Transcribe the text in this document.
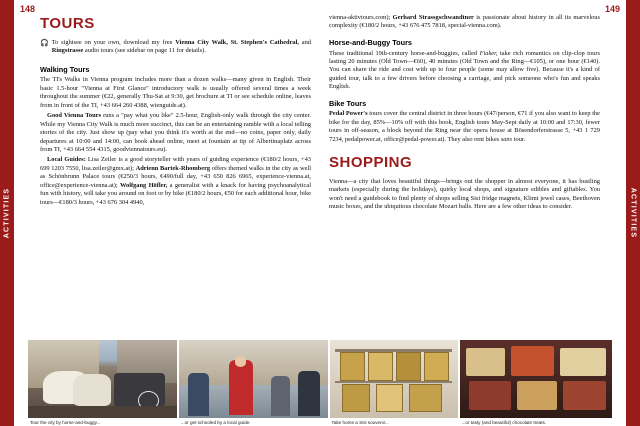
ACTIVITIES
148	149
TOURS
🎧 To sightsee on your own, download my free Vienna City Walk, St. Stephen's Cathedral, and Ringstrasse audio tours (see sidebar on page 11 for details).

Walking Tours

The TI's Walks in Vienna program includes more than a dozen walks—many given in English. Their basic 1.5-hour "Vienna at First Glance" introductory walk is usually offered several times a week throughout the summer (€22, generally Thu-Sat at 9:30, get brochure at TI or see schedule online, leaves from in front of the TI, +43 664 260 4388, wienguide.at).

Good Vienna Tours runs a "pay what you like" 2.5-hour, English-only walk through the city center. While my Vienna City Walk is much more succinct, this can be an entertaining ramble with a local telling stories of the city. Just show up (pay what you think it's worth at the end—no coins, paper only, daily departures at 10:00 and 14:00, can book ahead online, meet at fountain at tip of Albertinaplatz across from TI, +43 664 554 4315, goodviennatours.eu).

Local Guides: Lisa Zeiler is a good storyteller with years of guiding experience (€180/2 hours, +43 699 1203 7550, lisa.zeiler@gmx.at); Adrienn Bartek-Rhomberg offers themed walks in the city as well as Schönbrunn Palace tours (€250/3 hours, €490/full day, +43 650 826 6965, experience-vienna.at, office@experience-vienna.at); Wolfgang Höfler, a generalist with a knack for having psychoanalytical fun with history, will take you around on foot or by bike (€180/2 hours, €50 for each additional hour, bike tours—€180/3 hours, +43 676 304 4940,

vienna-aktivtours.com); Gerhard Strassgschwandtner is passionate about history in all its marvelous complexity (€180/2 hours, +43 676 475 7818, special-vienna.com).

Horse-and-Buggy Tours

These traditional 19th-century horse-and-buggies, called Fiaker, take rich romantics on clip-clop tours lasting 20 minutes (Old Town—€60), 40 minutes (Old Town and the Ring—€105), or one hour (€140). You can share the ride and cost with up to four people (some may allow five). Because it's a kind of guided tour, talk to a few drivers before choosing a carriage, and pick someone who's fun and speaks English.

Bike Tours

Pedal Power's tours cover the central district in three hours (€47/person, €71 if you also want to keep the bike for the day, 85%—10% off with this book, English tours May-Sept daily at 10:00 and 17:30, fewer tours in off-season, a block beyond the Ring near the opera house at Bösendorferstrasse 5, +43 1 729 7234, pedalpower.at, office@pedal-power.at). They also rent bikes sans tour.

SHOPPING

Vienna—a city that loves beautiful things—brings out the shopper in almost everyone, it has bustling markets (especially during the holidays), quirky local shops, and signature edibles and giftables. You won't need a guidebook to find plenty of shops selling Sisi fridge magnets, Klimt jewel cases, Beethoven music boxes, and the ubiquitous chocolate Mozart balls. Here are a few other ideas to consider.

Tour the city by horse-and-buggy...	...or get schooled by a local guide.	Take home a Sisi souvenir...	...or tasty (and beautiful) chocolate treats.
ACTIVITIES
